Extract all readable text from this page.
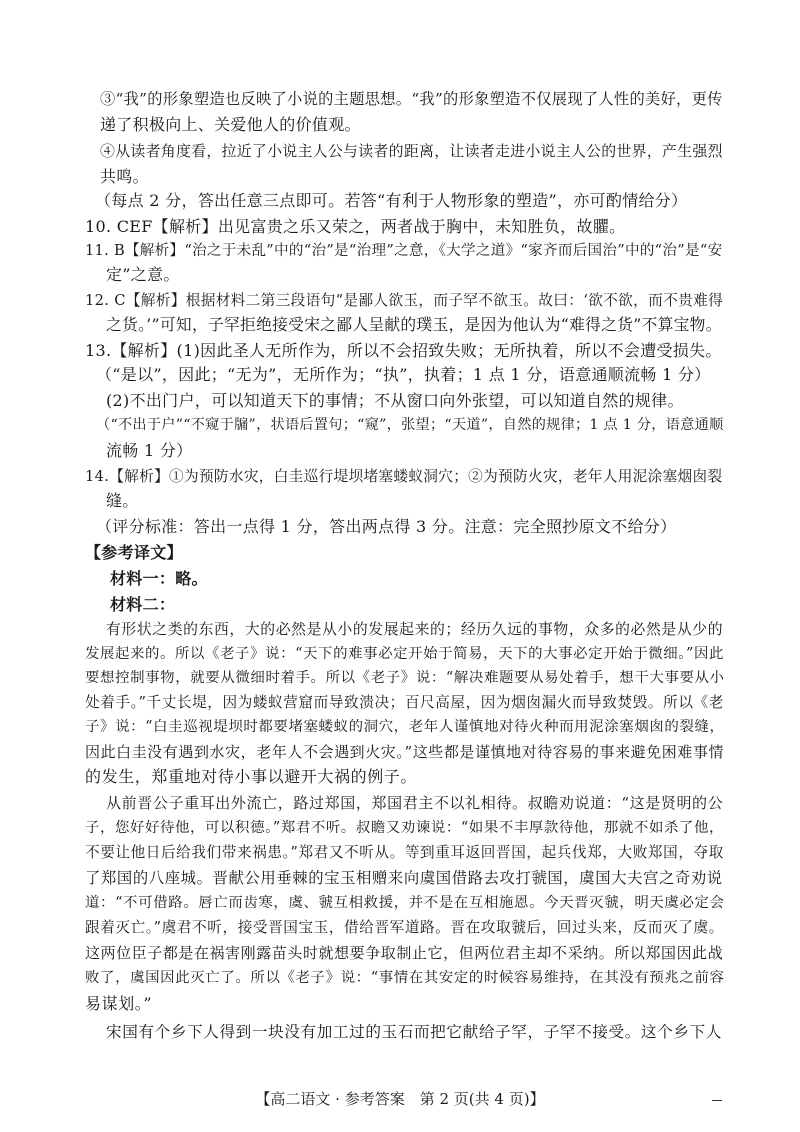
③“我”的形象塑造也反映了小说的主题思想。“我”的形象塑造不仅展现了人性的美好，更传
递了积极向上、关爱他人的价值观。
④从读者角度看，拉近了小说主人公与读者的距离，让读者走进小说主人公的世界，产生强烈
共鸣。
（每点 2 分，答出任意三点即可。若答“有利于人物形象的塑造”，亦可酌情给分）
10. CEF【解析】出见富贵之乐又荣之，两者战于胸中，未知胜负，故臞。
11. B【解析】“治之于未乱”中的“治”是“治理”之意，《大学之道》“家齐而后国治”中的“治”是“安
定”之意。
12. C【解析】根据材料二第三段语句“是鄙人欲玉，而子罕不欲玉。故曰：‘欲不欲，而不贵难得
之货。’”可知，子罕拒绝接受宋之鄙人呈献的璞玉，是因为他认为“难得之货”不算宝物。
13.【解析】(1)因此圣人无所作为，所以不会招致失败；无所执着，所以不会遭受损失。
（“是以”，因此；“无为”，无所作为；“执”，执着；1 点 1 分，语意通顺流畅 1 分）
(2)不出门户，可以知道天下的事情；不从窗口向外张望，可以知道自然的规律。
（“不出于户”“不窥于牖”，状语后置句；“窥”，张望；“天道”，自然的规律；1 点 1 分，语意通顺
流畅 1 分）
14.【解析】①为预防水灾，白圭巡行堤坝堵塞蝼蚁洞穴；②为预防火灾，老年人用泥涂塞烟囱裂
缝。
（评分标准：答出一点得 1 分，答出两点得 3 分。注意：完全照抄原文不给分）
【参考译文】
材料一：略。
材料二：
有形状之类的东西，大的必然是从小的发展起来的；经历久远的事物，众多的必然是从少的
发展起来的。所以《老子》说：“天下的难事必定开始于简易，天下的大事必定开始于微细。”因此
要想控制事物，就要从微细时着手。所以《老子》说：“解决难题要从易处着手，想干大事要从小
处着手。”千丈长堤，因为蝼蚁营窟而导致溃决；百尺高屋，因为烟囱漏火而导致焚毁。所以《老
子》说：“白圭巡视堤坝时都要堵塞蝼蚁的洞穴，老年人谨慎地对待火种而用泥涂塞烟囱的裂缝，
因此白圭没有遇到水灾，老年人不会遇到火灾。”这些都是谨慎地对待容易的事来避免困难事情
的发生，郑重地对待小事以避开大祸的例子。
从前晋公子重耳出外流亡，路过郑国，郑国君主不以礼相待。叔瞻劝说道：“这是贤明的公
子，您好好待他，可以积德。”郑君不听。叔瞻又劝谏说：“如果不丰厚款待他，那就不如杀了他，
不要让他日后给我们带来祸患。”郑君又不听从。等到重耳返回晋国，起兵伐郑，大败郑国，夺取
了郑国的八座城。晋献公用垂棘的宝玉相赠来向虞国借路去攻打虢国，虞国大夫宫之奇劝说
道：“不可借路。唇亡而齿寒，虞、虢互相救援，并不是在互相施恩。今天晋灭虢，明天虞必定会
跟着灭亡。”虞君不听，接受晋国宝玉，借给晋军道路。晋在攻取虢后，回过头来，反而灭了虞。
这两位臣子都是在祸害刚露苗头时就想要争取制止它，但两位君主却不采纳。所以郑国因此战
败了，虞国因此灭亡了。所以《老子》说：“事情在其安定的时候容易维持，在其没有预兆之前容
易谋划。”
宋国有个乡下人得到一块没有加工过的玉石而把它献给子罕，子罕不接受。这个乡下人
【高二语文 · 参考答案　第 2 页(共 4 页)】
